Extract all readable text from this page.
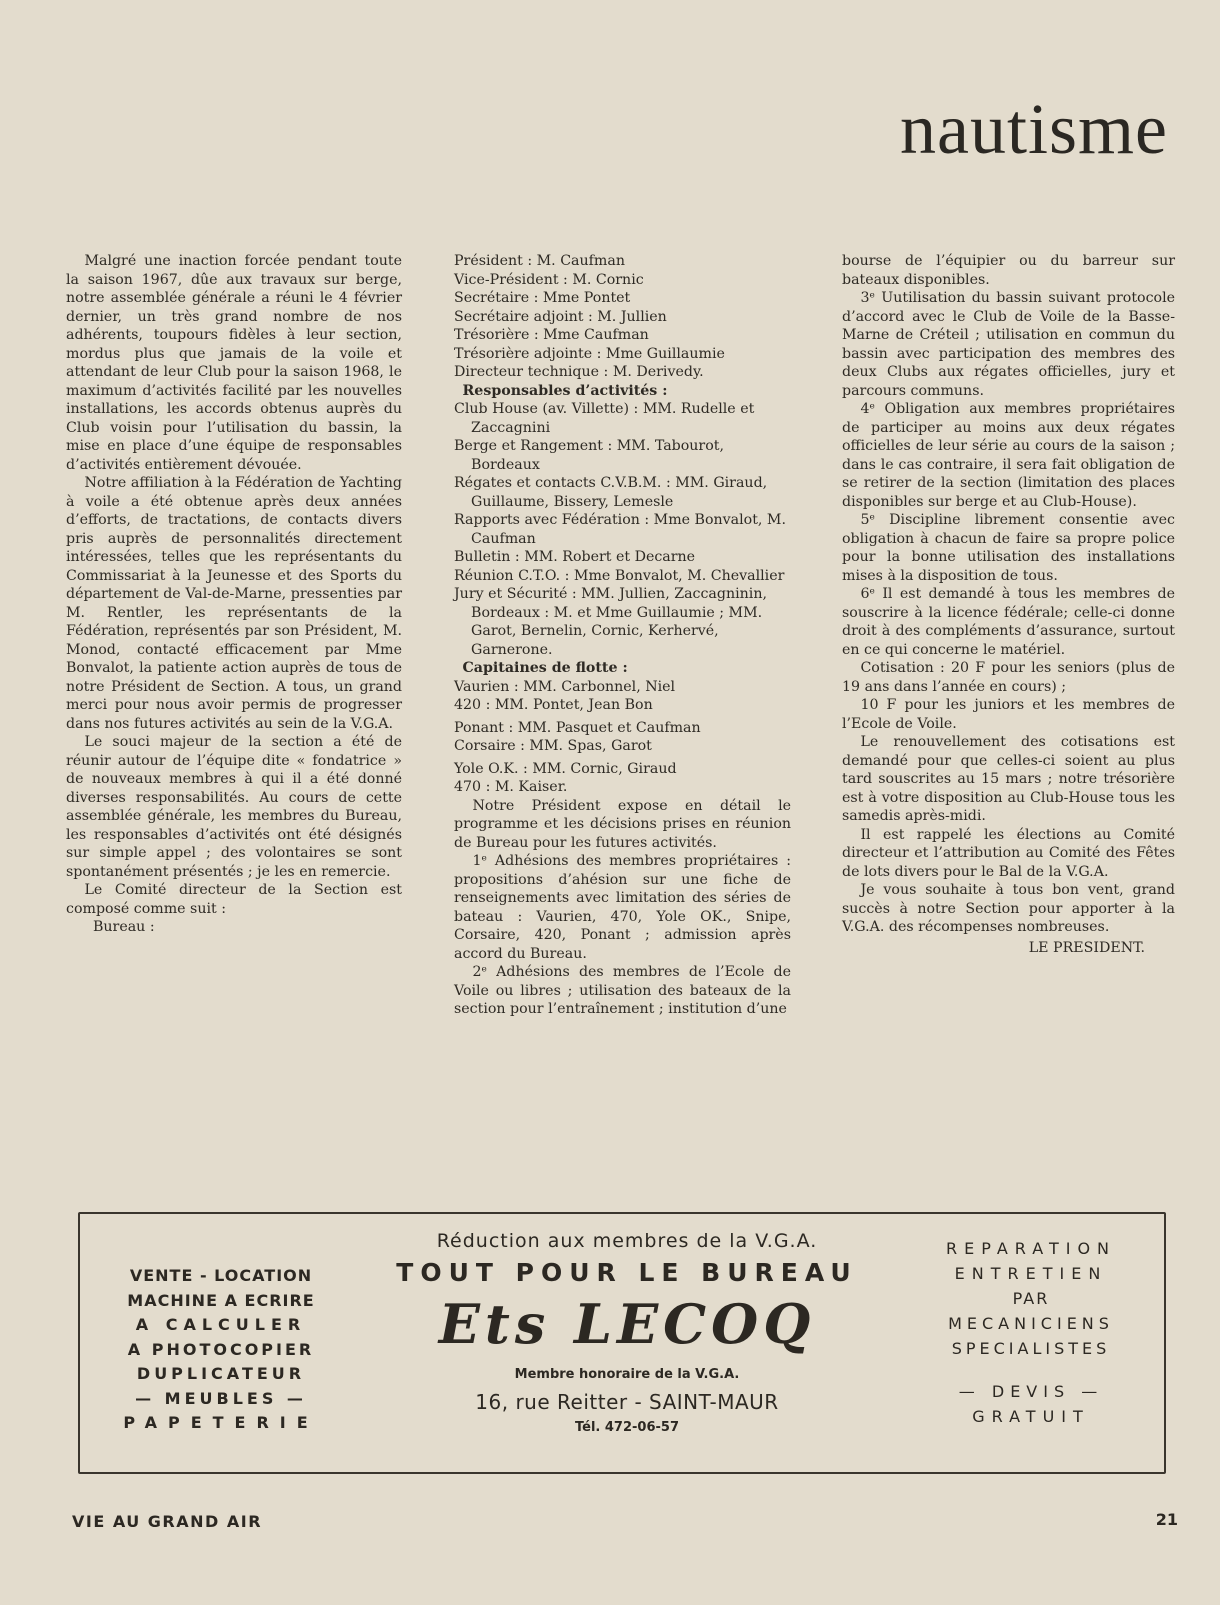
nautisme

Malgré une inaction forcée pendant toute la saison 1967, dûe aux travaux sur berge, notre assemblée générale a réuni le 4 février dernier, un très grand nombre de nos adhérents, toupours fidèles à leur section, mordus plus que jamais de la voile et attendant de leur Club pour la saison 1968, le maximum d’activités facilité par les nouvelles installations, les accords obtenus auprès du Club voisin pour l’utilisation du bassin, la mise en place d’une équipe de responsables d’activités entièrement dévouée.

Notre affiliation à la Fédération de Yachting à voile a été obtenue après deux années d’efforts, de tractations, de contacts divers pris auprès de personnalités directement intéressées, telles que les représentants du Commissariat à la Jeunesse et des Sports du département de Val-de-Marne, pressenties par M. Rentler, les représentants de la Fédération, représentés par son Président, M. Monod, contacté efficacement par Mme Bonvalot, la patiente action auprès de tous de notre Président de Section. A tous, un grand merci pour nous avoir permis de progresser dans nos futures activités au sein de la V.G.A.

Le souci majeur de la section a été de réunir autour de l’équipe dite « fondatrice » de nouveaux membres à qui il a été donné diverses responsabilités. Au cours de cette assemblée générale, les membres du Bureau, les responsables d’activités ont été désignés sur simple appel ; des volontaires se sont spontanément présentés ; je les en remercie.

Le Comité directeur de la Section est composé comme suit :

Bureau :

Président : M. Caufman

Vice-Président : M. Cornic

Secrétaire : Mme Pontet

Secrétaire adjoint : M. Jullien

Trésorière : Mme Caufman

Trésorière adjointe : Mme Guillaumie

Directeur technique : M. Derivedy.

Responsables d’activités :

Club House (av. Villette) : MM. Rudelle et Zaccagnini

Berge et Rangement : MM. Tabourot, Bordeaux

Régates et contacts C.V.B.M. : MM. Giraud, Guillaume, Bissery, Lemesle

Rapports avec Fédération : Mme Bonvalot, M. Caufman

Bulletin : MM. Robert et Decarne

Réunion C.T.O. : Mme Bonvalot, M. Chevallier

Jury et Sécurité : MM. Jullien, Zaccagninin, Bordeaux : M. et Mme Guillaumie ; MM. Garot, Bernelin, Cornic, Kerhervé, Garnerone.

Capitaines de flotte :

Vaurien : MM. Carbonnel, Niel

420 : MM. Pontet, Jean Bon

Ponant : MM. Pasquet et Caufman

Corsaire : MM. Spas, Garot

Yole O.K. : MM. Cornic, Giraud

470 : M. Kaiser.

Notre Président expose en détail le programme et les décisions prises en réunion de Bureau pour les futures activités.

1ᵉ Adhésions des membres propriétaires : propositions d’ahésion sur une fiche de renseignements avec limitation des séries de bateau : Vaurien, 470, Yole OK., Snipe, Corsaire, 420, Ponant ; admission après accord du Bureau.

2ᵉ Adhésions des membres de l’Ecole de Voile ou libres ; utilisation des bateaux de la section pour l’entraînement ; institution d’une

bourse de l’équipier ou du barreur sur bateaux disponibles.

3ᵉ Uutilisation du bassin suivant protocole d’accord avec le Club de Voile de la Basse-Marne de Créteil ; utilisation en commun du bassin avec participation des membres des deux Clubs aux régates officielles, jury et parcours communs.

4ᵉ Obligation aux membres propriétaires de participer au moins aux deux régates officielles de leur série au cours de la saison ; dans le cas contraire, il sera fait obligation de se retirer de la section (limitation des places disponibles sur berge et au Club-House).

5ᵉ Discipline librement consentie avec obligation à chacun de faire sa propre police pour la bonne utilisation des installations mises à la disposition de tous.

6ᵉ Il est demandé à tous les membres de souscrire à la licence fédérale; celle-ci donne droit à des compléments d’assurance, surtout en ce qui concerne le matériel.

Cotisation : 20 F pour les seniors (plus de 19 ans dans l’année en cours) ;

10 F pour les juniors et les membres de l’Ecole de Voile.

Le renouvellement des cotisations est demandé pour que celles-ci soient au plus tard souscrites au 15 mars ; notre trésorière est à votre disposition au Club-House tous les samedis après-midi.

Il est rappelé les élections au Comité directeur et l’attribution au Comité des Fêtes de lots divers pour le Bal de la V.G.A.

Je vous souhaite à tous bon vent, grand succès à notre Section pour apporter à la V.G.A. des récompenses nombreuses.

LE PRESIDENT.

VENTE - LOCATION
MACHINE A ECRIRE
A CALCULER
A PHOTOCOPIER
DUPLICATEUR
— MEUBLES —
PAPETERIE
Réduction aux membres de la V.G.A.
TOUT POUR LE BUREAU
Ets LECOQ
Membre honoraire de la V.G.A.
16, rue Reitter - SAINT-MAUR
Tél. 472-06-57
REPARATION
ENTRETIEN
PAR
MECANICIENS
SPECIALISTES
— DEVIS —
GRATUIT
VIE AU GRAND AIR	21
